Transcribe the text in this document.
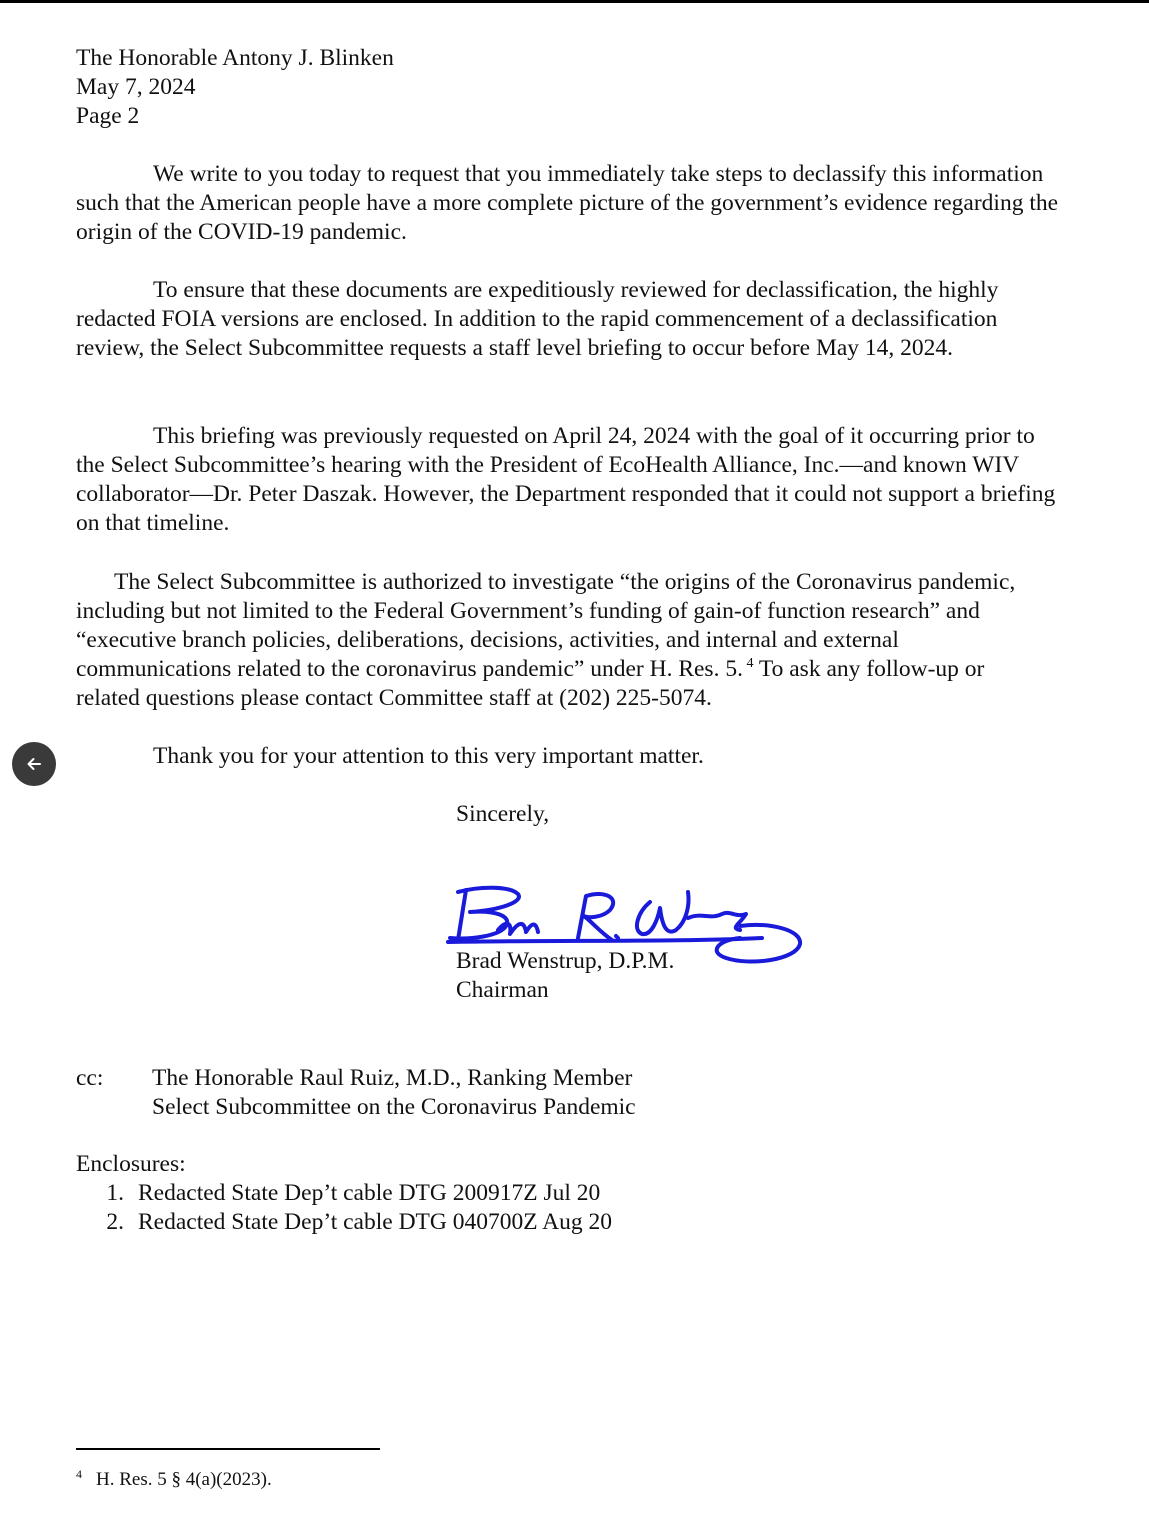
The Honorable Antony J. Blinken
May 7, 2024
Page 2

We write to you today to request that you immediately take steps to declassify this information such that the American people have a more complete picture of the government’s evidence regarding the origin of the COVID-19 pandemic.

To ensure that these documents are expeditiously reviewed for declassification, the highly redacted FOIA versions are enclosed. In addition to the rapid commencement of a declassification review, the Select Subcommittee requests a staff level briefing to occur before May 14, 2024.

This briefing was previously requested on April 24, 2024 with the goal of it occurring prior to the Select Subcommittee’s hearing with the President of EcoHealth Alliance, Inc.—and known WIV collaborator—Dr. Peter Daszak. However, the Department responded that it could not support a briefing on that timeline.

The Select Subcommittee is authorized to investigate “the origins of the Coronavirus pandemic, including but not limited to the Federal Government’s funding of gain-of function research” and “executive branch policies, deliberations, decisions, activities, and internal and external communications related to the coronavirus pandemic” under H. Res. 5. $^4$ To ask any follow-up or related questions please contact Committee staff at (202) 225-5074.

Thank you for your attention to this very important matter.

Sincerely,
Brad Wenstrup, D.P.M.
Chairman
cc: The Honorable Raul Ruiz, M.D., Ranking Member
Select Subcommittee on the Coronavirus Pandemic
Enclosures:
1. Redacted State Dep’t cable DTG 200917Z Jul 20
2. Redacted State Dep’t cable DTG 040700Z Aug 20
$^4$ H. Res. 5 § 4(a)(2023).
